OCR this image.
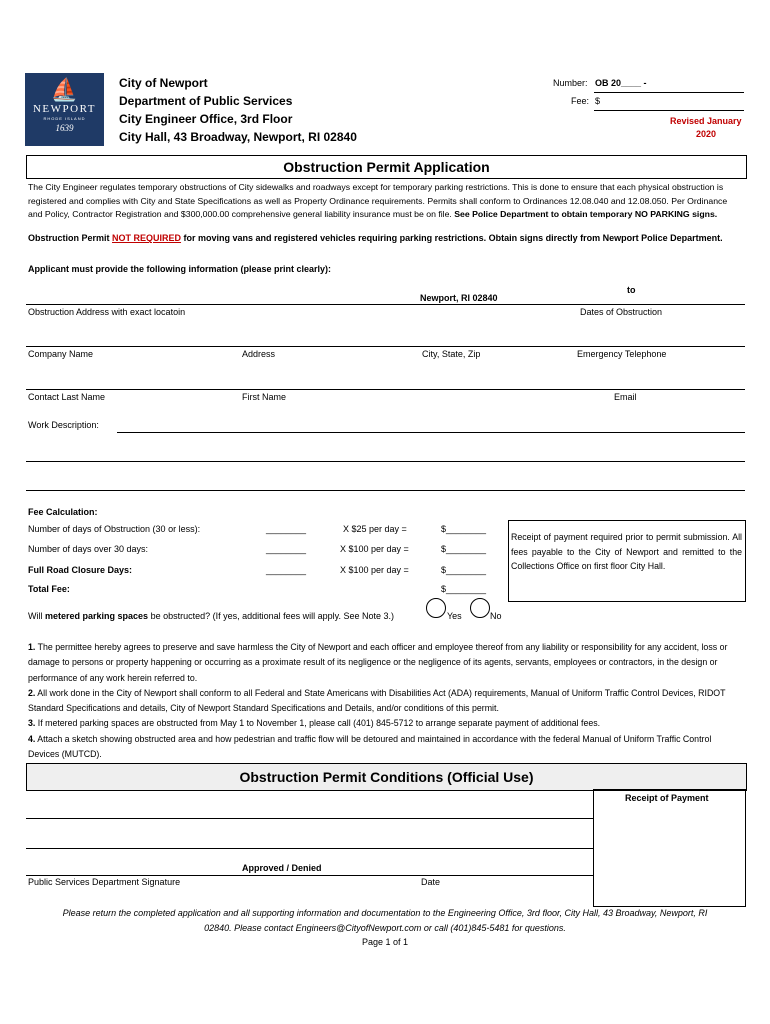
⛵
NEWPORT
RHODE ISLAND
1639
City of Newport
Department of Public Services
City Engineer Office, 3rd Floor
City Hall, 43 Broadway, Newport, RI 02840
Number: OB 20____ -
Fee: $
Revised January
2020
Obstruction Permit Application
The City Engineer regulates temporary obstructions of City sidewalks and roadways except for temporary parking restrictions. This is done to ensure that each physical obstruction is
registered and complies with City and State Specifications as well as Property Ordinance requirements. Permits shall conform to Ordinances 12.08.040 and 12.08.050. Per Ordinance
and Policy, Contractor Registration and $300,000.00 comprehensive general liability insurance must be on file. See Police Department to obtain temporary NO PARKING signs.
Obstruction Permit NOT REQUIRED for moving vans and registered vehicles requiring parking restrictions. Obtain signs directly from Newport Police Department.
Applicant must provide the following information (please print clearly):
to
Newport, RI 02840
Obstruction Address with exact locatoin	Dates of Obstruction
Company Name	Address	City, State, Zip	Emergency Telephone
Contact Last Name	First Name	Email
Work Description:
Fee Calculation:
Number of days of Obstruction (30 or less):	________	X $25 per day =	$________
Number of days over 30 days:	________	X $100 per day =	$________
Full Road Closure Days:	________	X $100 per day =	$________
Total Fee:	$________
Receipt of payment required prior to permit submission. All fees payable to the City of Newport and remitted to the Collections Office on first floor City Hall.
Will metered parking spaces be obstructed? (If yes, additional fees will apply. See Note 3.)	Yes	No
1. The permittee hereby agrees to preserve and save harmless the City of Newport and each officer and employee thereof from any liability or responsibility for any accident, loss or damage to persons or property happening or occurring as a proximate result of its negligence or the negligence of its agents, servants, employees or contractors, in the design or performance of any work herein referred to.
2. All work done in the City of Newport shall conform to all Federal and State Americans with Disabilities Act (ADA) requirements, Manual of Uniform Traffic Control Devices, RIDOT Standard Specifications and details, City of Newport Standard Specifications and Details, and/or conditions of this permit.
3. If metered parking spaces are obstructed from May 1 to November 1, please call (401) 845-5712 to arrange separate payment of additional fees.
4. Attach a sketch showing obstructed area and how pedestrian and traffic flow will be detoured and maintained in accordance with the federal Manual of Uniform Traffic Control Devices (MUTCD).
Obstruction Permit Conditions (Official Use)
Receipt of Payment
Approved / Denied
Public Services Department Signature	Date
Please return the completed application and all supporting information and documentation to the Engineering Office, 3rd floor, City Hall, 43 Broadway, Newport, RI
02840. Please contact Engineers@CityofNewport.com or call (401)845-5481 for questions.
Page 1 of 1
